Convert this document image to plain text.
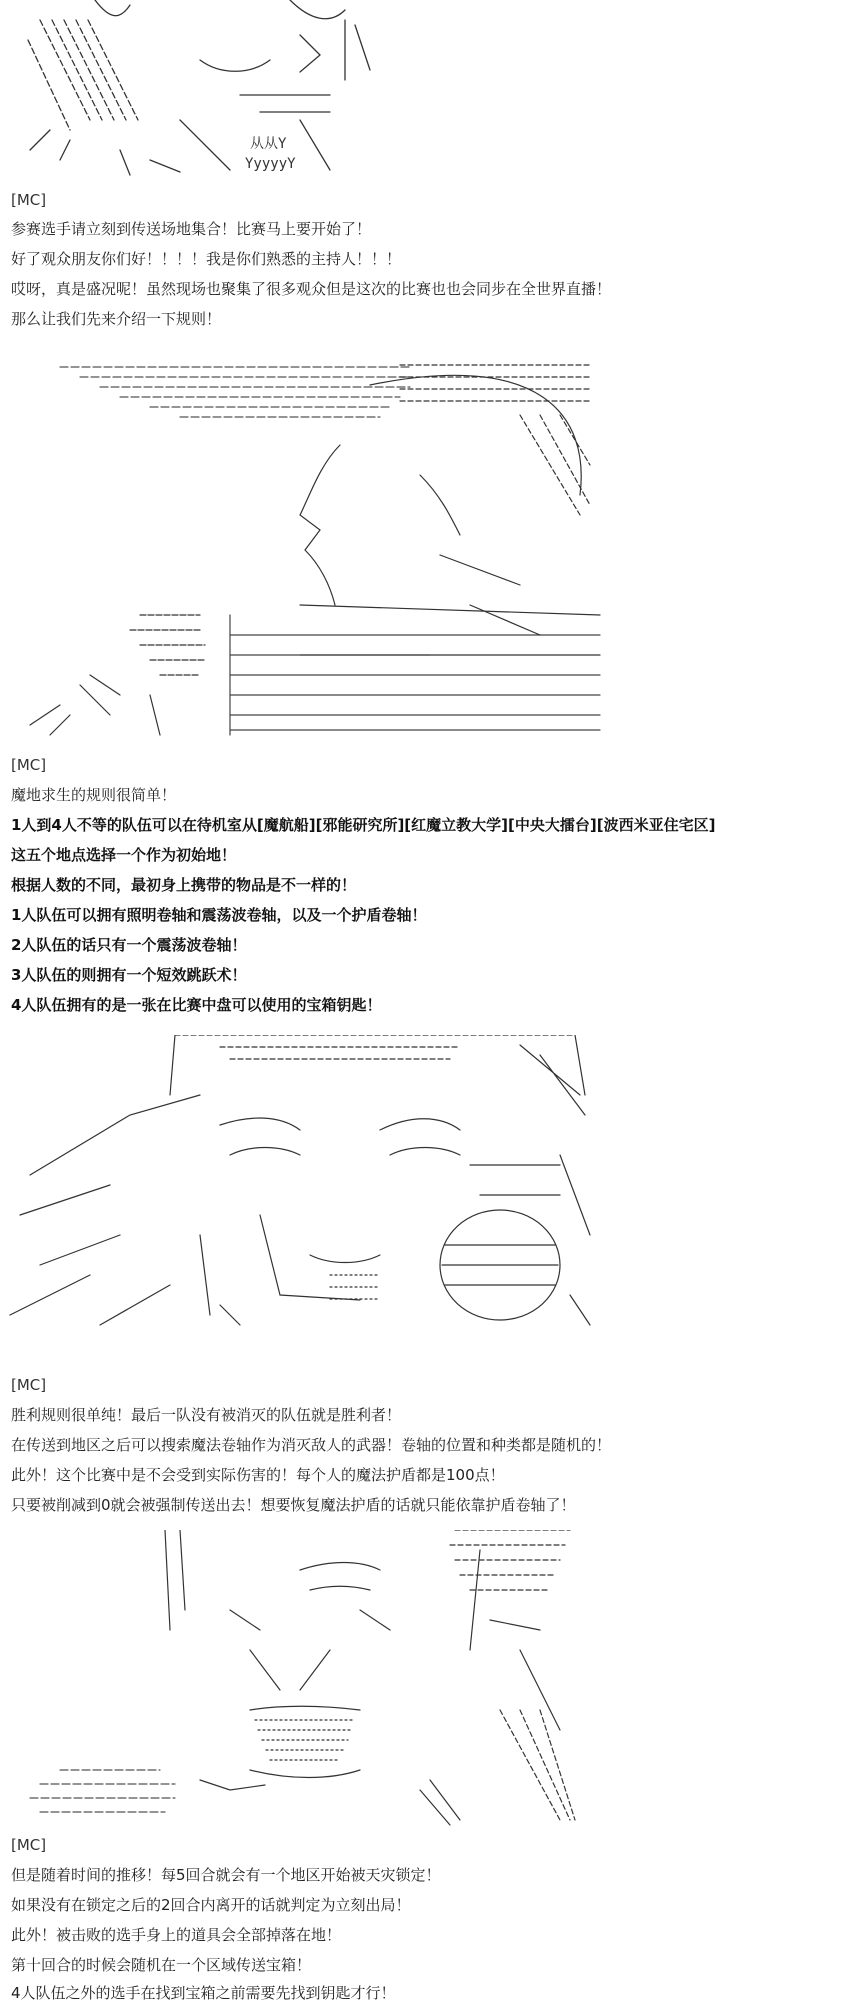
从从Y
YyyyyY
[MC]
参赛选手请立刻到传送场地集合！比赛马上要开始了！
好了观众朋友你们好！！！！我是你们熟悉的主持人！！！
哎呀，真是盛况呢！虽然现场也聚集了很多观众但是这次的比赛也也会同步在全世界直播！
那么让我们先来介绍一下规则！
[MC]
魔地求生的规则很简单！
1人到4人不等的队伍可以在待机室从[魔航船][邪能研究所][红魔立教大学][中央大擂台][波西米亚住宅区]
这五个地点选择一个作为初始地！
根据人数的不同，最初身上携带的物品是不一样的！
1人队伍可以拥有照明卷轴和震荡波卷轴，以及一个护盾卷轴！
2人队伍的话只有一个震荡波卷轴！
3人队伍的则拥有一个短效跳跃术！
4人队伍拥有的是一张在比赛中盘可以使用的宝箱钥匙！
[MC]
胜利规则很单纯！最后一队没有被消灭的队伍就是胜利者！
在传送到地区之后可以搜索魔法卷轴作为消灭敌人的武器！卷轴的位置和种类都是随机的！
此外！这个比赛中是不会受到实际伤害的！每个人的魔法护盾都是100点！
只要被削减到0就会被强制传送出去！想要恢复魔法护盾的话就只能依靠护盾卷轴了！
[MC]
但是随着时间的推移！每5回合就会有一个地区开始被天灾锁定！
如果没有在锁定之后的2回合内离开的话就判定为立刻出局！
此外！被击败的选手身上的道具会全部掉落在地！
第十回合的时候会随机在一个区域传送宝箱！
4人队伍之外的选手在找到宝箱之前需要先找到钥匙才行！
